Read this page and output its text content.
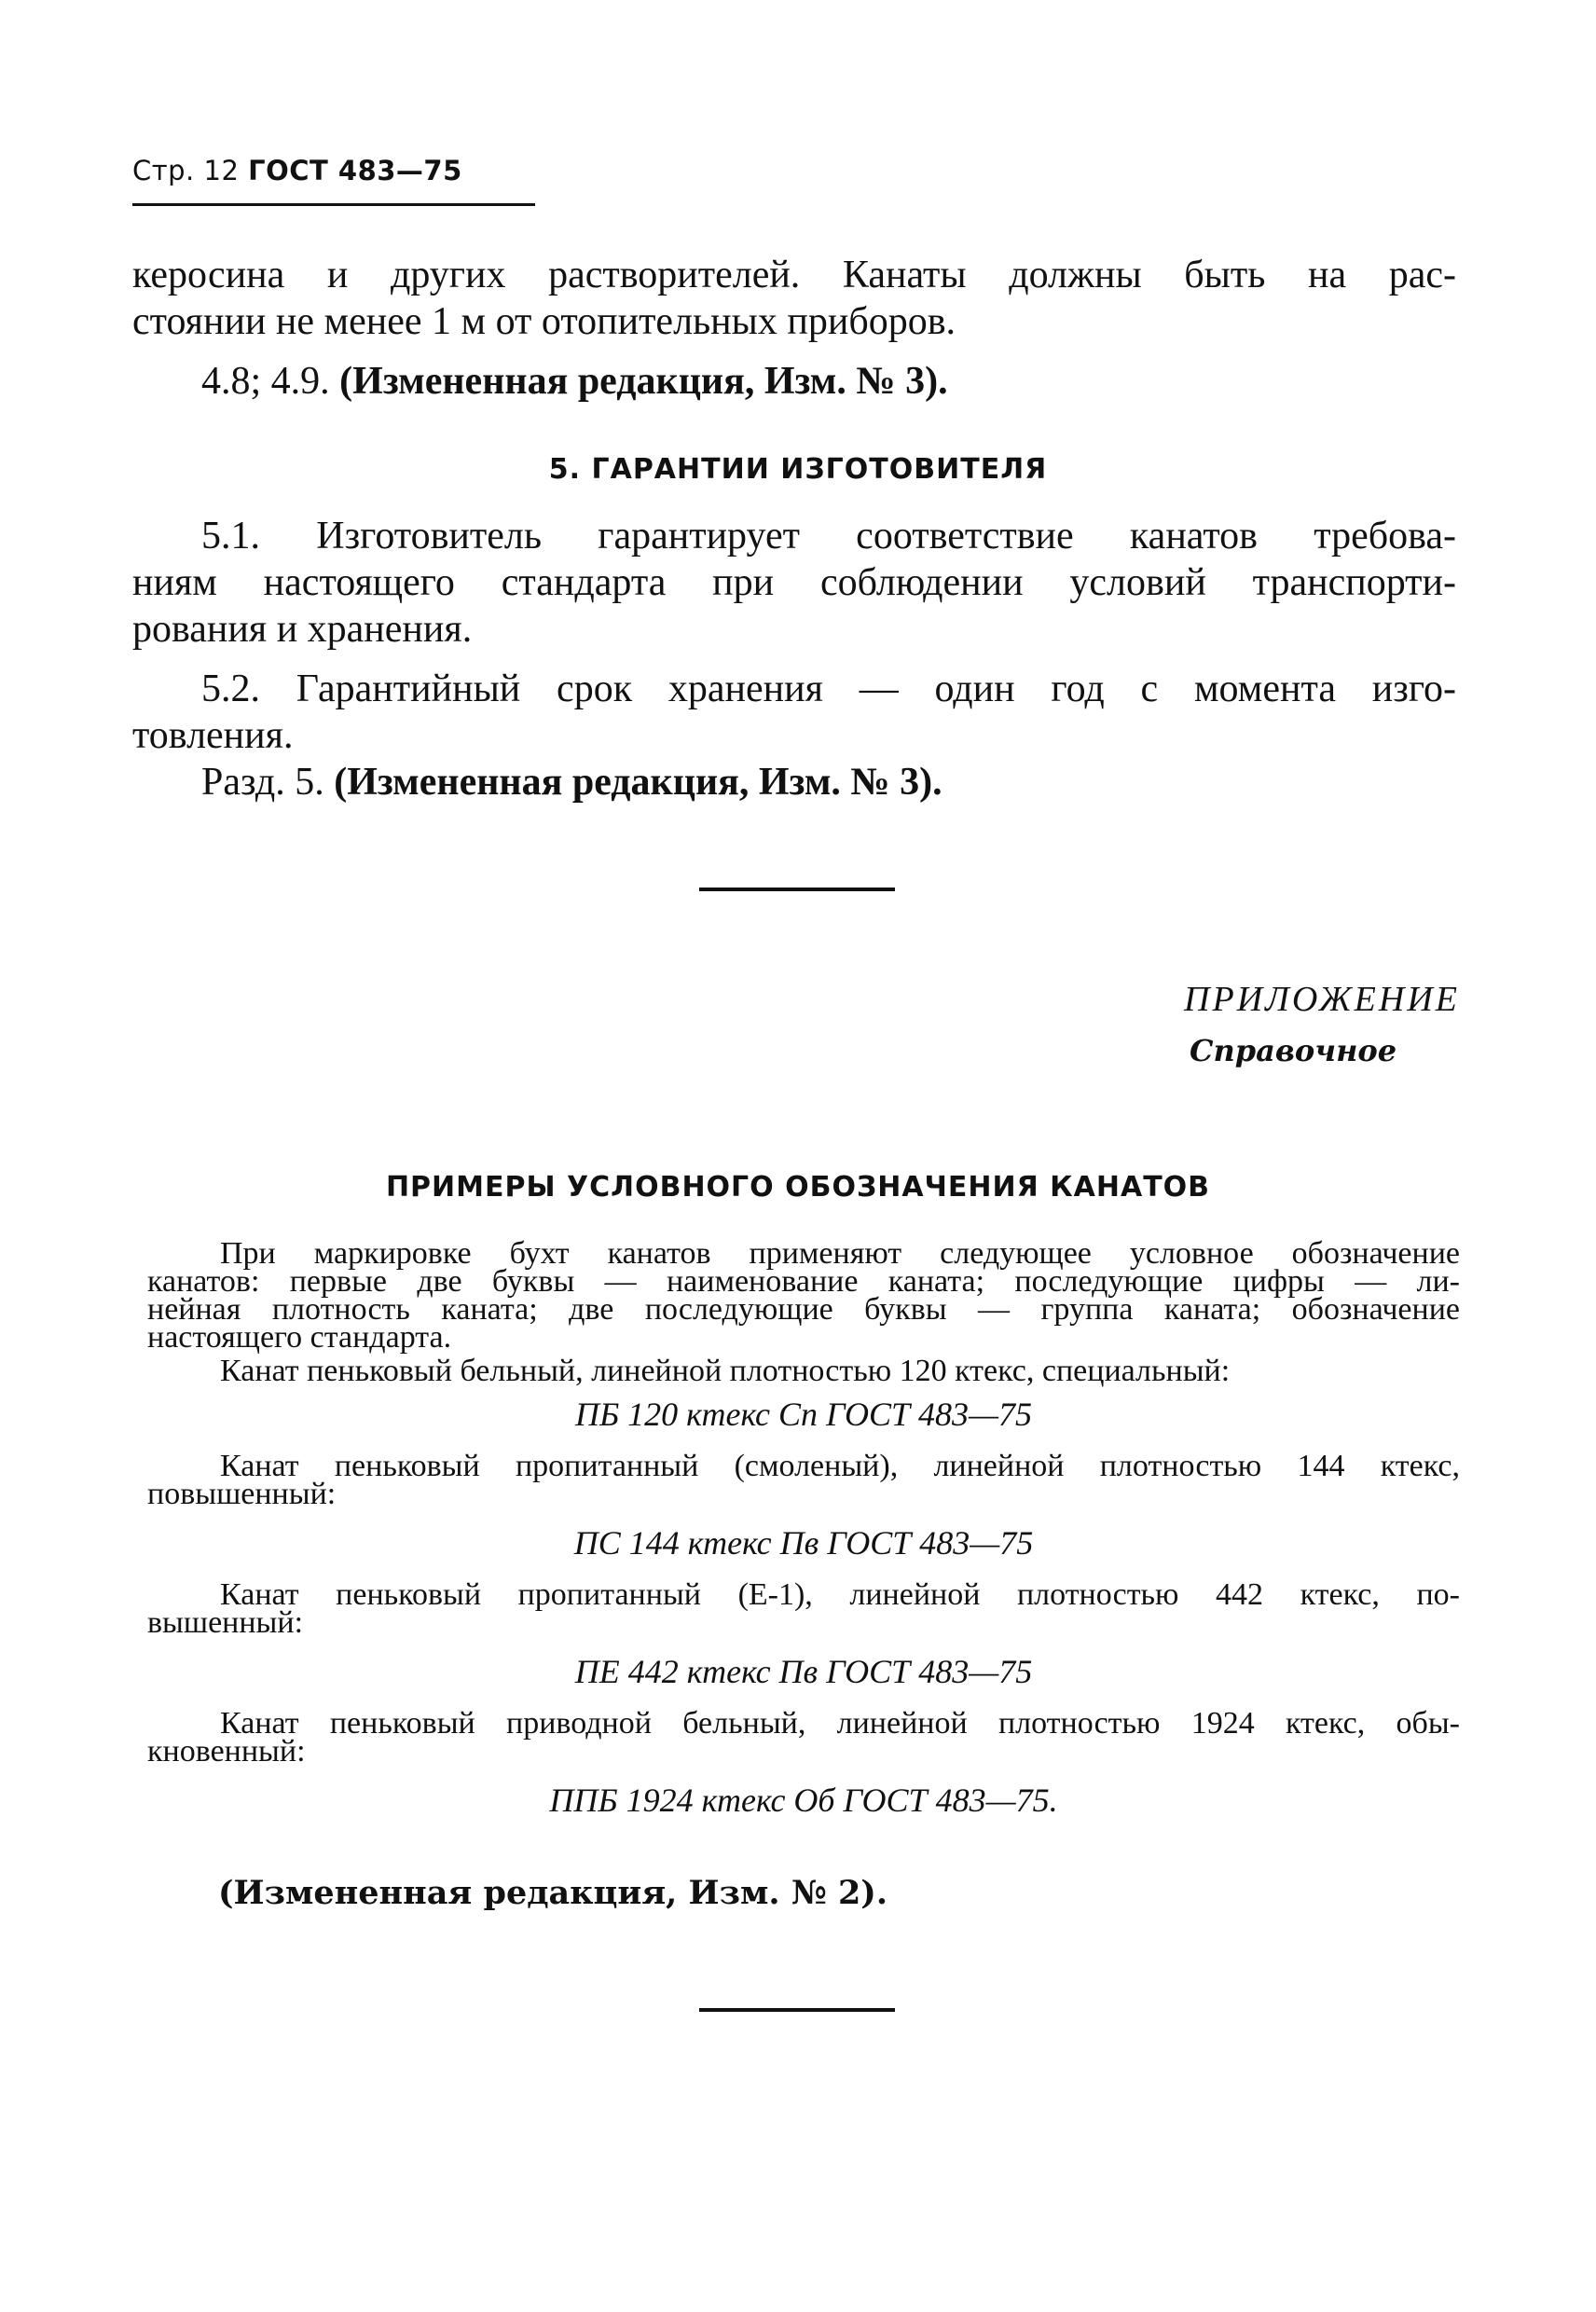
Стр. 12 ГОСТ 483—75
керосина и других растворителей. Канаты должны быть на рас-
стоянии не менее 1 м от отопительных приборов.
4.8; 4.9. (Измененная редакция, Изм. № 3).
5. ГАРАНТИИ ИЗГОТОВИТЕЛЯ
5.1. Изготовитель гарантирует соответствие канатов требова-
ниям настоящего стандарта при соблюдении условий транспорти-
рования и хранения.
5.2. Гарантийный срок хранения — один год с момента изго-
товления.
Разд. 5. (Измененная редакция, Изм. № 3).
ПРИЛОЖЕНИЕ
Справочное
ПРИМЕРЫ УСЛОВНОГО ОБОЗНАЧЕНИЯ КАНАТОВ
При маркировке бухт канатов применяют следующее условное обозначение
канатов: первые две буквы — наименование каната; последующие цифры — ли-
нейная плотность каната; две последующие буквы — группа каната; обозначение
настоящего стандарта.
Канат пеньковый бельный, линейной плотностью 120 ктекс, специальный:
ПБ 120 ктекс Сп ГОСТ 483—75
Канат пеньковый пропитанный (смоленый), линейной плотностью 144 ктекс,
повышенный:
ПС 144 ктекс Пв ГОСТ 483—75
Канат пеньковый пропитанный (Е-1), линейной плотностью 442 ктекс, по-
вышенный:
ПЕ 442 ктекс Пв ГОСТ 483—75
Канат пеньковый приводной бельный, линейной плотностью 1924 ктекс, обы-
кновенный:
ППБ 1924 ктекс Об ГОСТ 483—75.
(Измененная редакция, Изм. № 2).
